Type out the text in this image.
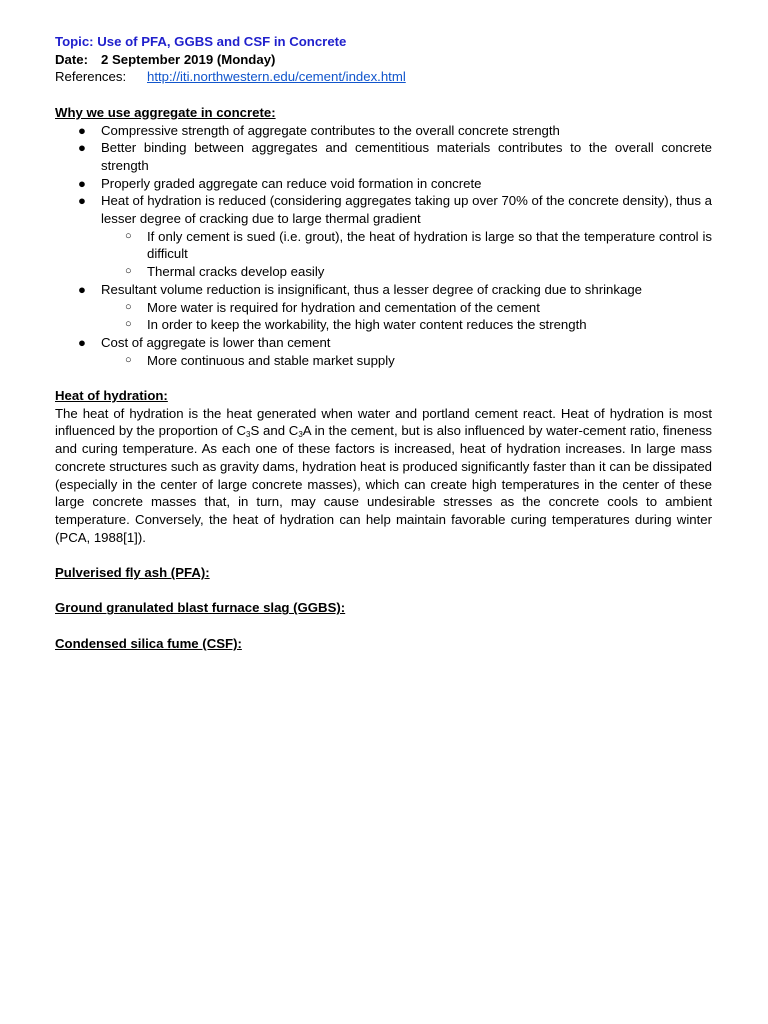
Topic: Use of PFA, GGBS and CSF in Concrete

Date: 2 September 2019 (Monday)

References: http://iti.northwestern.edu/cement/index.html

Why we use aggregate in concrete:

● Compressive strength of aggregate contributes to the overall concrete strength
● Better binding between aggregates and cementitious materials contributes to the overall concrete strength
● Properly graded aggregate can reduce void formation in concrete
● Heat of hydration is reduced (considering aggregates taking up over 70% of the concrete density), thus a lesser degree of cracking due to large thermal gradient
○ If only cement is sued (i.e. grout), the heat of hydration is large so that the temperature control is difficult
○ Thermal cracks develop easily
● Resultant volume reduction is insignificant, thus a lesser degree of cracking due to shrinkage
○ More water is required for hydration and cementation of the cement
○ In order to keep the workability, the high water content reduces the strength
● Cost of aggregate is lower than cement
○ More continuous and stable market supply

Heat of hydration:

The heat of hydration is the heat generated when water and portland cement react. Heat of hydration is most influenced by the proportion of $C_3S$ and $C_3A$ in the cement, but is also influenced by water-cement ratio, fineness and curing temperature. As each one of these factors is increased, heat of hydration increases. In large mass concrete structures such as gravity dams, hydration heat is produced significantly faster than it can be dissipated (especially in the center of large concrete masses), which can create high temperatures in the center of these large concrete masses that, in turn, may cause undesirable stresses as the concrete cools to ambient temperature. Conversely, the heat of hydration can help maintain favorable curing temperatures during winter (PCA, 1988[1]).

Pulverised fly ash (PFA):

Ground granulated blast furnace slag (GGBS):

Condensed silica fume (CSF):
